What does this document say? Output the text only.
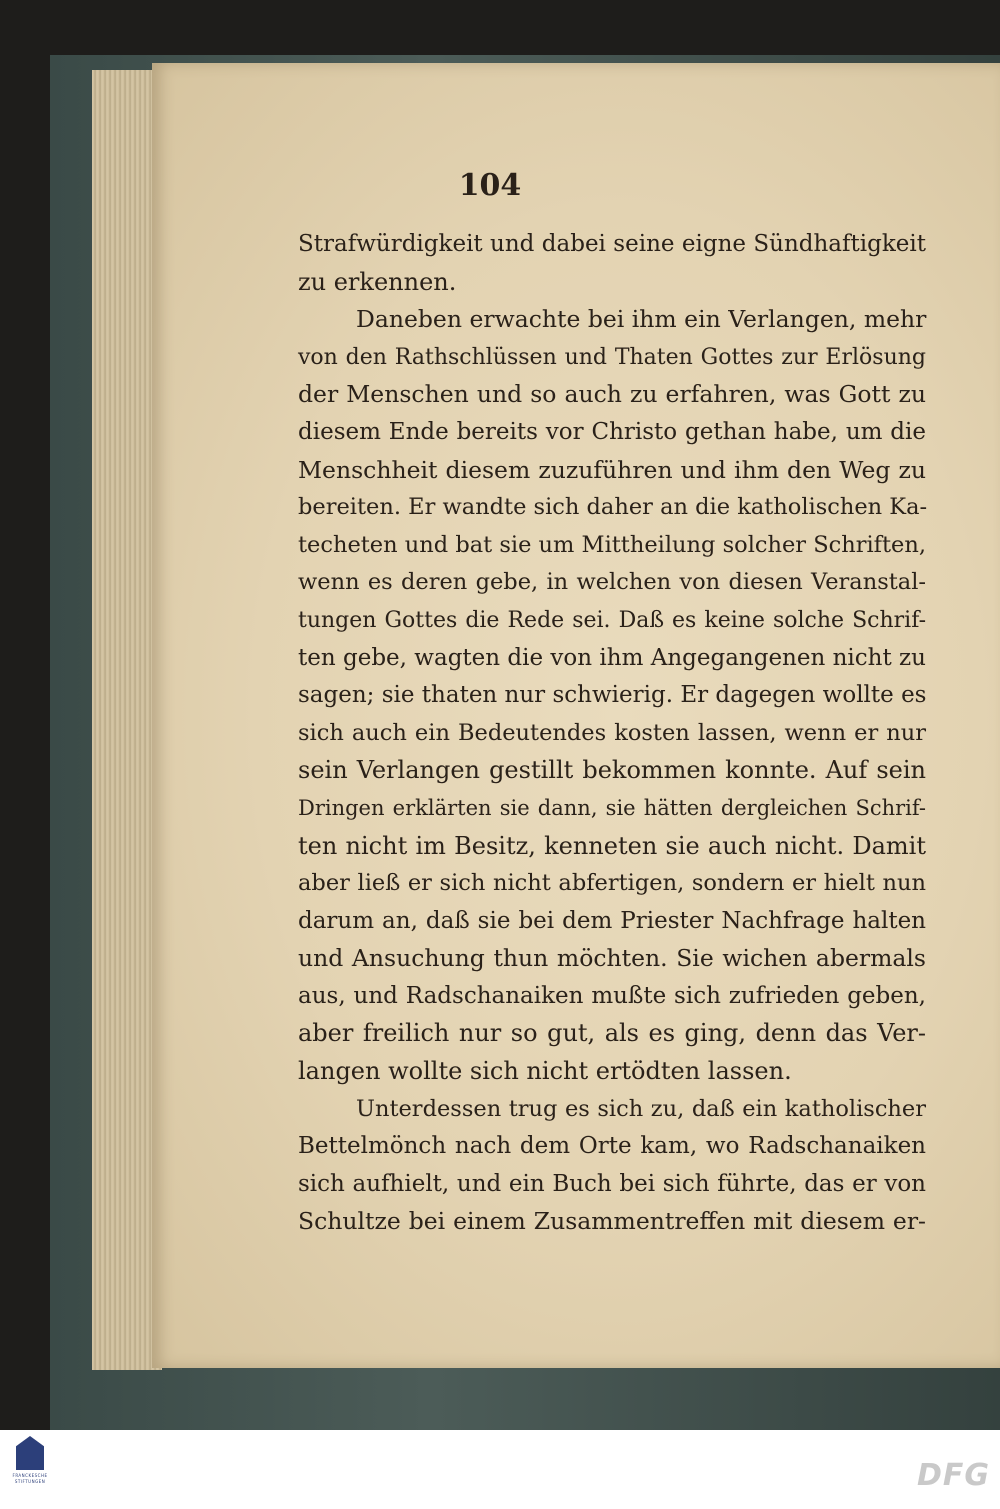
104
Strafwürdigkeit und dabei seine eigne Sündhaftigkeit
zu erkennen.
Daneben erwachte bei ihm ein Verlangen, mehr
von den Rathschlüssen und Thaten Gottes zur Erlösung
der Menschen und so auch zu erfahren, was Gott zu
diesem Ende bereits vor Christo gethan habe, um die
Menschheit diesem zuzuführen und ihm den Weg zu
bereiten. Er wandte sich daher an die katholischen Ka-
techeten und bat sie um Mittheilung solcher Schriften,
wenn es deren gebe, in welchen von diesen Veranstal-
tungen Gottes die Rede sei. Daß es keine solche Schrif-
ten gebe, wagten die von ihm Angegangenen nicht zu
sagen; sie thaten nur schwierig. Er dagegen wollte es
sich auch ein Bedeutendes kosten lassen, wenn er nur
sein Verlangen gestillt bekommen konnte. Auf sein
Dringen erklärten sie dann, sie hätten dergleichen Schrif-
ten nicht im Besitz, kenneten sie auch nicht. Damit
aber ließ er sich nicht abfertigen, sondern er hielt nun
darum an, daß sie bei dem Priester Nachfrage halten
und Ansuchung thun möchten. Sie wichen abermals
aus, und Radschanaiken mußte sich zufrieden geben,
aber freilich nur so gut, als es ging, denn das Ver-
langen wollte sich nicht ertödten lassen.
Unterdessen trug es sich zu, daß ein katholischer
Bettelmönch nach dem Orte kam, wo Radschanaiken
sich aufhielt, und ein Buch bei sich führte, das er von
Schultze bei einem Zusammentreffen mit diesem er-
FRANCKESCHE STIFTUNGEN	DFG
